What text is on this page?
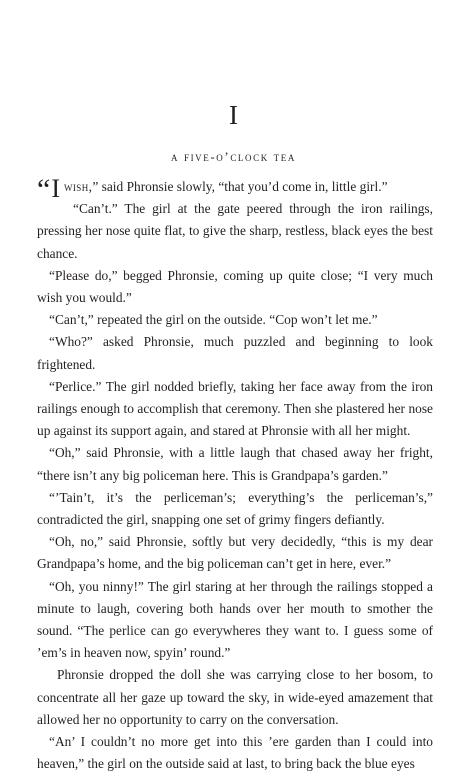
I
a five-o’clock tea

“I wish,” said Phronsie slowly, “that you’d come in, little girl.”
“Can’t.” The girl at the gate peered through the iron railings, pressing her nose quite flat, to give the sharp, restless, black eyes the best chance.

“Please do,” begged Phronsie, coming up quite close; “I very much wish you would.”

“Can’t,” repeated the girl on the outside. “Cop won’t let me.”

“Who?” asked Phronsie, much puzzled and beginning to look frightened.

“Perlice.” The girl nodded briefly, taking her face away from the iron railings enough to accomplish that ceremony. Then she plastered her nose up against its support again, and stared at Phronsie with all her might.

“Oh,” said Phronsie, with a little laugh that chased away her fright, “there isn’t any big policeman here. This is Grandpapa’s garden.”

“’Tain’t, it’s the perliceman’s; everything’s the perliceman’s,” contradicted the girl, snapping one set of grimy fingers defiantly.

“Oh, no,” said Phronsie, softly but very decidedly, “this is my dear Grandpapa’s home, and the big policeman can’t get in here, ever.”

“Oh, you ninny!” The girl staring at her through the railings stopped a minute to laugh, covering both hands over her mouth to smother the sound. “The perlice can go everywheres they want to. I guess some of ’em’s in heaven now, spyin’ round.”

Phronsie dropped the doll she was carrying close to her bosom, to concentrate all her gaze up toward the sky, in wide-eyed amazement that allowed her no opportunity to carry on the conversation.

“An’ I couldn’t no more get into this ’ere garden than I could into heaven,” the girl on the outside said at last, to bring back the blue eyes
